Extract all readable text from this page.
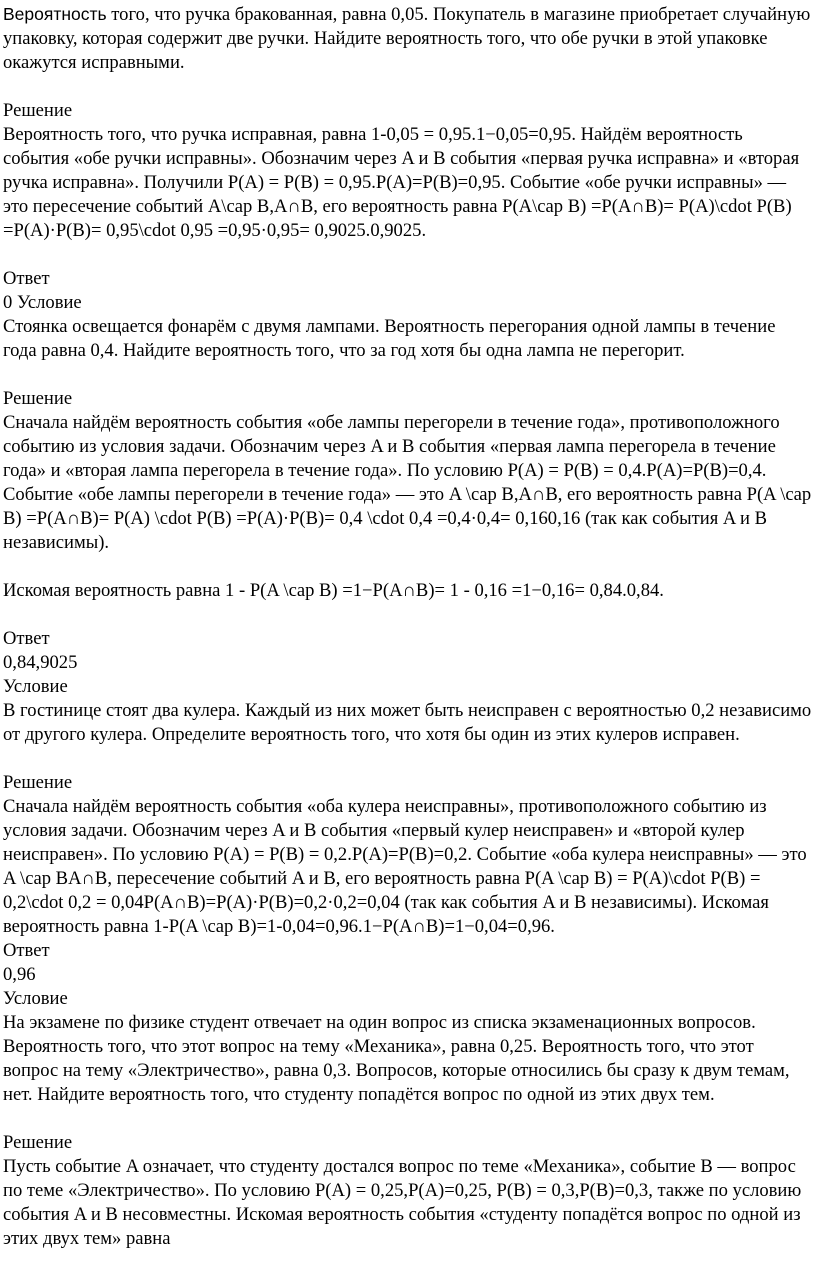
Вероятность того, что ручка бракованная, равна 0,05. Покупатель в магазине приобретает случайную упаковку, которая содержит две ручки. Найдите вероятность того, что обе ручки в этой упаковке окажутся исправными.

Решение

Вероятность того, что ручка исправная, равна 1-0,05 = 0,95.1−0,05=0,95. Найдём вероятность события «обе ручки исправны». Обозначим через A и B события «первая ручка исправна» и «вторая ручка исправна». Получили P(A) = P(B) = 0,95.P(A)=P(B)=0,95. Событие «обе ручки исправны» — это пересечение событий A\cap B,A∩B, его вероятность равна P(A\cap B) =P(A∩B)= P(A)\cdot P(B) =P(A)·P(B)= 0,95\cdot 0,95 =0,95·0,95= 0,9025.0,9025.

Ответ

0 Условие

Стоянка освещается фонарём с двумя лампами. Вероятность перегорания одной лампы в течение года равна 0,4. Найдите вероятность того, что за год хотя бы одна лампа не перегорит.

Решение

Сначала найдём вероятность события «обе лампы перегорели в течение года», противоположного событию из условия задачи. Обозначим через A и B события «первая лампа перегорела в течение года» и «вторая лампа перегорела в течение года». По условию P(A) = P(B) = 0,4.P(A)=P(B)=0,4. Событие «обе лампы перегорели в течение года» — это A \cap B,A∩B, его вероятность равна P(A \cap B) =P(A∩B)= P(A) \cdot P(B) =P(A)·P(B)= 0,4 \cdot 0,4 =0,4·0,4= 0,160,16 (так как события A и B независимы).

Искомая вероятность равна 1 - P(A \cap B) =1−P(A∩B)= 1 - 0,16 =1−0,16= 0,84.0,84.

Ответ

0,84,9025

Условие

В гостинице стоят два кулера. Каждый из них может быть неисправен с вероятностью 0,2 независимо от другого кулера. Определите вероятность того, что хотя бы один из этих кулеров исправен.

Решение

Сначала найдём вероятность события «оба кулера неисправны», противоположного событию из условия задачи. Обозначим через A и B события «первый кулер неисправен» и «второй кулер неисправен». По условию P(A) = P(B) = 0,2.P(A)=P(B)=0,2. Событие «оба кулера неисправны» — это A \cap BA∩B, пересечение событий A и B, его вероятность равна P(A \cap B) = P(A)\cdot P(B) = 0,2\cdot 0,2 = 0,04P(A∩B)=P(A)·P(B)=0,2·0,2=0,04 (так как события A и B независимы). Искомая вероятность равна 1-P(A \cap B)=1-0,04=0,96.1−P(A∩B)=1−0,04=0,96.

Ответ

0,96

Условие

На экзамене по физике студент отвечает на один вопрос из списка экзаменационных вопросов. Вероятность того, что этот вопрос на тему «Механика», равна 0,25. Вероятность того, что этот вопрос на тему «Электричество», равна 0,3. Вопросов, которые относились бы сразу к двум темам, нет. Найдите вероятность того, что студенту попадётся вопрос по одной из этих двух тем.

Решение

Пусть событие A означает, что студенту достался вопрос по теме «Механика», событие B — вопрос по теме «Электричество». По условию P(A) = 0,25,P(A)=0,25, P(B) = 0,3,P(B)=0,3, также по условию события A и B несовместны. Искомая вероятность события «студенту попадётся вопрос по одной из этих двух тем» равна
